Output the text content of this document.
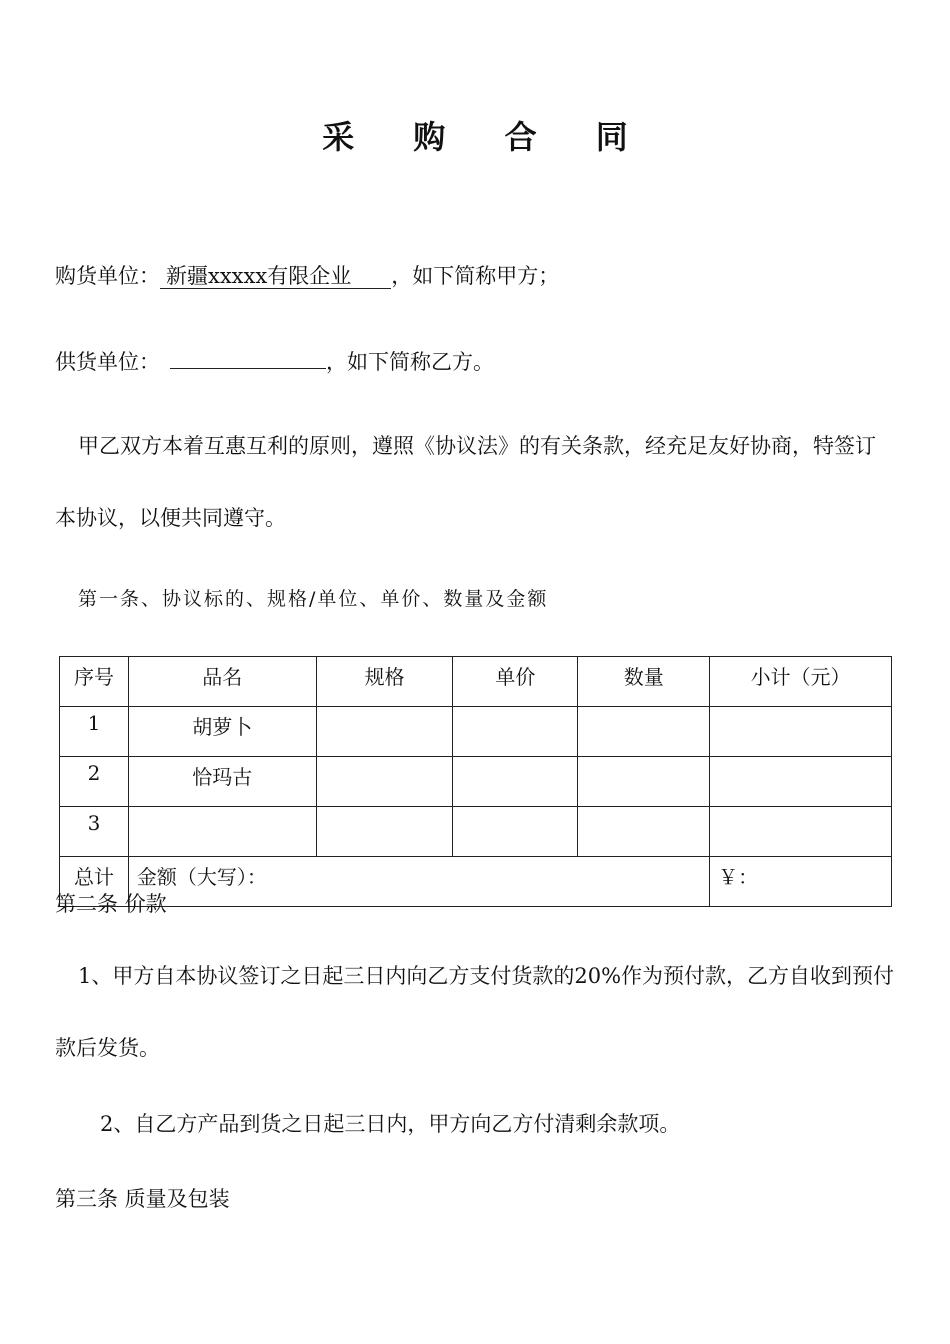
采 购 合 同
购货单位： 新疆xxxxx有限企业 ，如下简称甲方；
供货单位：	，如下简称乙方。
甲乙双方本着互惠互利的原则，遵照《协议法》的有关条款，经充足友好协商，特签订本协议，以便共同遵守。
第一条、协议标的、规格/单位、单价、数量及金额
序号	品名	规格	单价	数量	小计（元）
1	胡萝卜				
2	恰玛古				
3					
总计	金额（大写）：				￥：
第二条 价款
1、甲方自本协议签订之日起三日内向乙方支付货款的20%作为预付款，乙方自收到预付款后发货。
2、自乙方产品到货之日起三日内，甲方向乙方付清剩余款项。
第三条 质量及包装
